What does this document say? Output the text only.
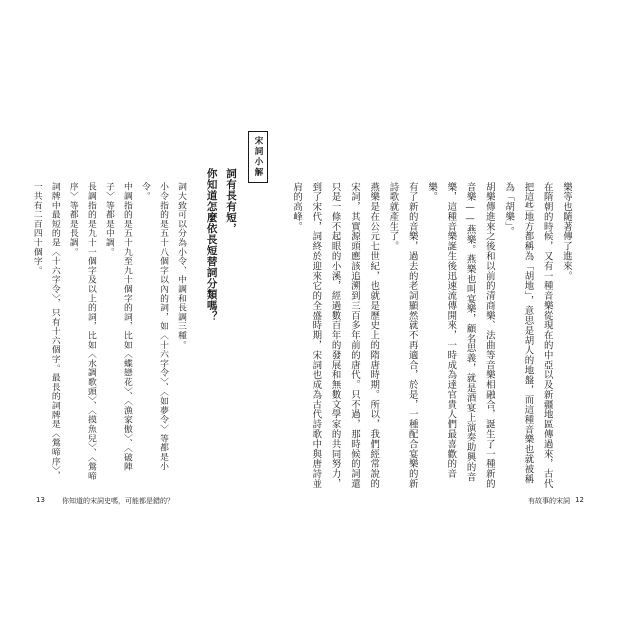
宋詞小解

詞有長有短，

你知道怎麼依長短替詞分類嗎？

詞大致可以分為小令、中調和長調三種。

小令指的是五十八個字以內的詞，如〈十六字令〉、〈如夢令〉等都是小令。

中調指的是五十九至九十個字的詞，比如〈蝶戀花〉、〈漁家傲〉、〈破陣子〉等都是中調。

長調指的是九十一個字及以上的詞，比如〈水調歌頭〉、〈摸魚兒〉、〈鶯啼序〉等都是長調。

詞牌中最短的是〈十六字令〉，只有十六個字。最長的詞牌是〈鶯啼序〉，一共有二百四十個字。

13 你知道的宋詞史嗎，可能都是錯的？

樂等也隨著傳了進來。

在隋朝的時候，又有一種音樂從現在的中亞以及新疆地區傳過來，古代把這些地方都稱為「胡地」，意思是胡人的地盤，而這種音樂也就被稱為「胡樂」。

胡樂傳進來之後和以前的清商樂、法曲等音樂相融合，誕生了一種新的音樂——燕樂。燕樂也叫宴樂，顧名思義，就是酒宴上演奏助興的音樂，這種音樂誕生後迅速流傳開來，一時成為達官貴人們最喜歡的音樂。

有了新的音樂，過去的老詞顯然就不再適合，於是，一種配合宴樂的新詩歌就產生了。

燕樂是在公元七世紀，也就是歷史上的隋唐時期。所以，我們經常說的宋詞，其實源頭應該追溯到三百多年前的唐代。只不過，那時候的詞還只是一條不起眼的小溪，經過數百年的發展和無數文學家的共同努力，到了宋代，詞終於迎來它的全盛時期，宋詞也成為古代詩歌中與唐詩並肩的高峰。

有故事的宋詞 12
